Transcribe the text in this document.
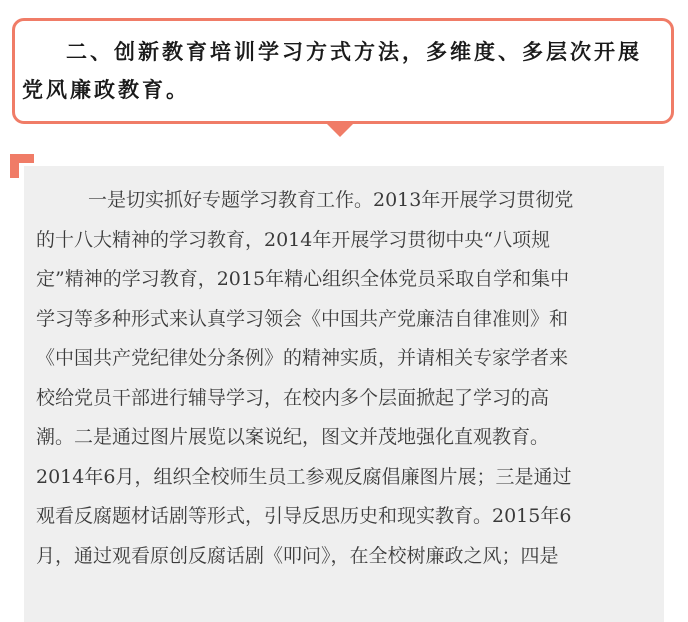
二、创新教育培训学习方式方法，多维度、多层次开展党风廉政教育。

一是切实抓好专题学习教育工作。2013年开展学习贯彻党
的十八大精神的学习教育，2014年开展学习贯彻中央“八项规
定”精神的学习教育，2015年精心组织全体党员采取自学和集中
学习等多种形式来认真学习领会《中国共产党廉洁自律准则》和
《中国共产党纪律处分条例》的精神实质，并请相关专家学者来
校给党员干部进行辅导学习，在校内多个层面掀起了学习的高
潮。二是通过图片展览以案说纪，图文并茂地强化直观教育。
2014年6月，组织全校师生员工参观反腐倡廉图片展；三是通过
观看反腐题材话剧等形式，引导反思历史和现实教育。2015年6
月，通过观看原创反腐话剧《叩问》，在全校树廉政之风；四是
